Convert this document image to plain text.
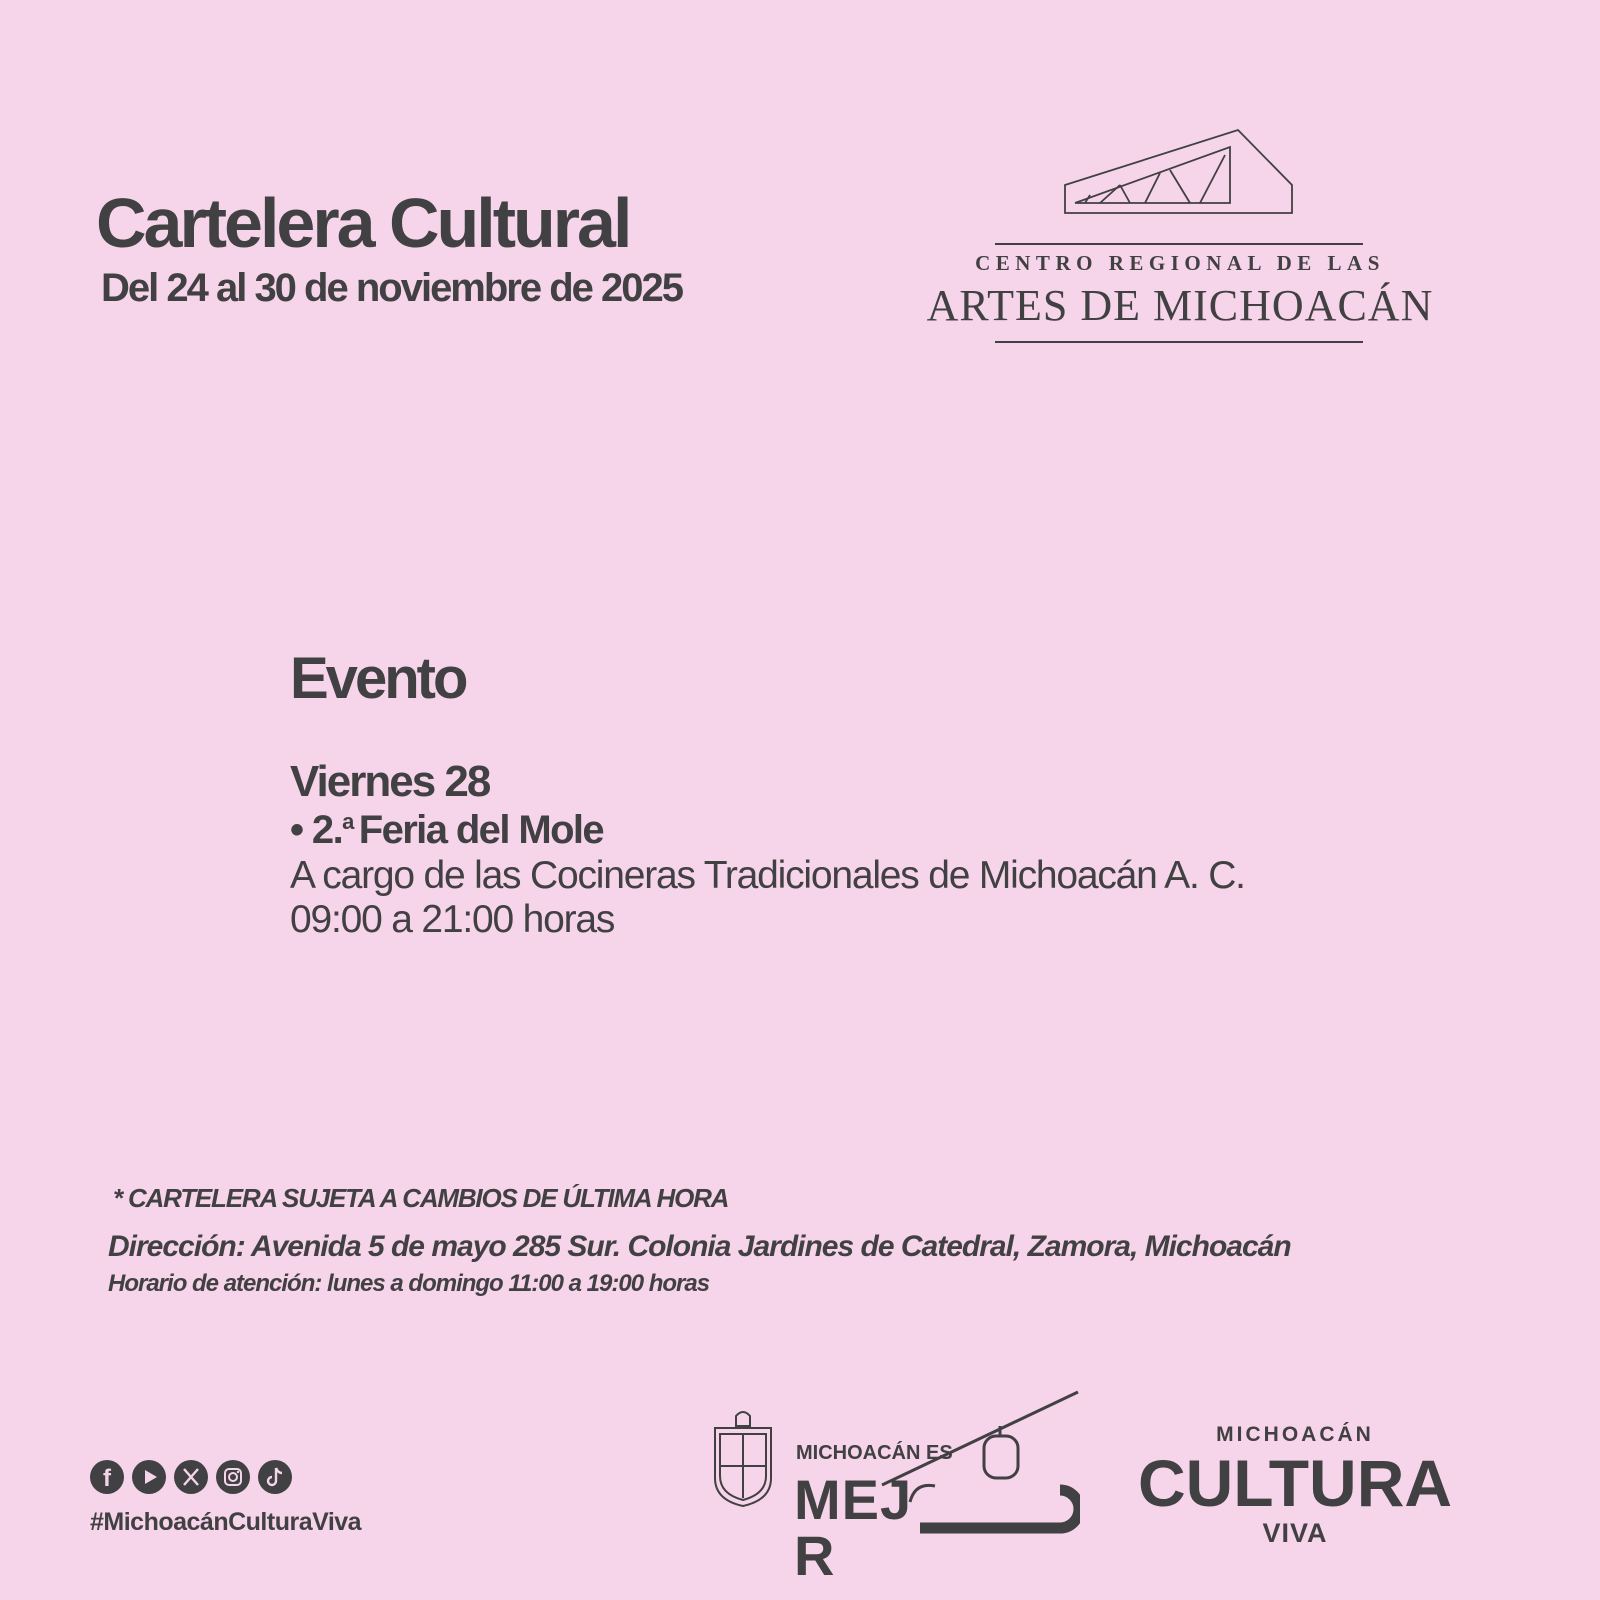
Cartelera Cultural
Del 24 al 30 de noviembre de 2025
CENTRO REGIONAL DE LAS
ARTES DE MICHOACÁN
Evento
Viernes 28
• 2.$^a$ Feria del Mole
A cargo de las Cocineras Tradicionales de Michoacán A. C.
09:00 a 21:00 horas
* CARTELERA SUJETA A CAMBIOS DE ÚLTIMA HORA
Dirección: Avenida 5 de mayo 285 Sur. Colonia Jardines de Catedral, Zamora, Michoacán
Horario de atención: lunes a domingo 11:00 a 19:00 horas
f
#MichoacánCulturaViva
MICHOACÁN ES
MEJ   R
MICHOACÁN
CULTURA
VIVA
